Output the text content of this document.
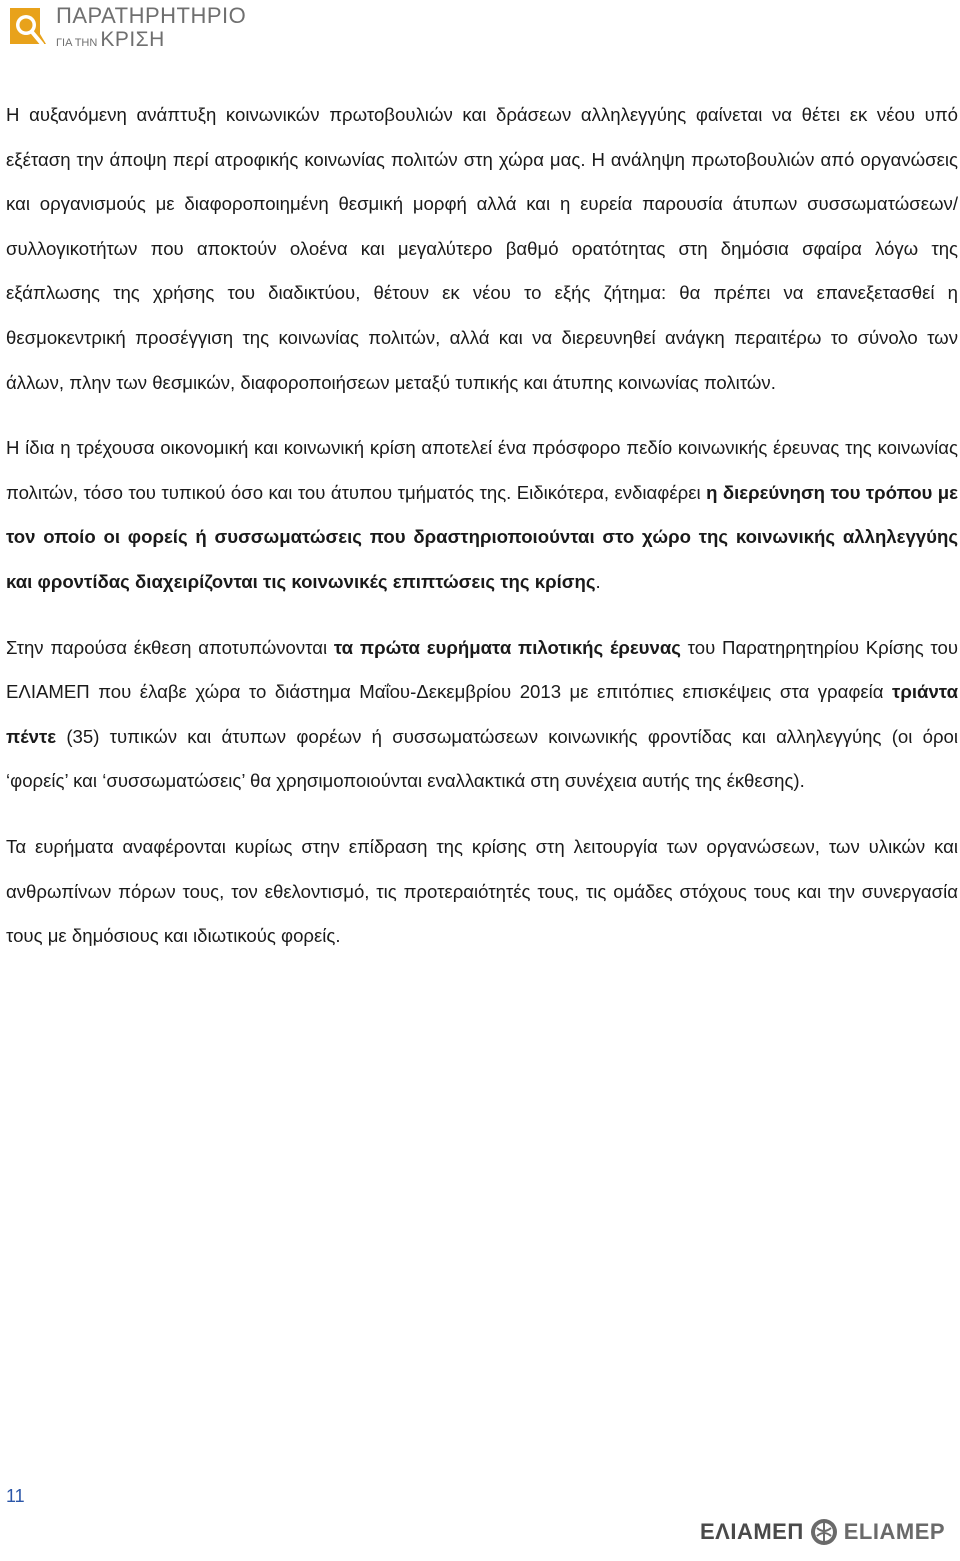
ΠΑΡΑΤΗΡΗΤΗΡΙΟ
ΓΙΑ ΤΗΝ ΚΡΙΣΗ

Η αυξανόμενη ανάπτυξη κοινωνικών πρωτοβουλιών και δράσεων αλληλεγγύης φαίνεται να θέτει εκ νέου υπό εξέταση την άποψη περί ατροφικής κοινωνίας πολιτών στη χώρα μας. Η ανάληψη πρωτοβουλιών από οργανώσεις και οργανισμούς με διαφοροποιημένη θεσμική μορφή αλλά και η ευρεία παρουσία άτυπων συσσωματώσεων/συλλογικοτήτων που αποκτούν ολοένα και μεγαλύτερο βαθμό ορατότητας στη δημόσια σφαίρα λόγω της εξάπλωσης της χρήσης του διαδικτύου, θέτουν εκ νέου το εξής ζήτημα: θα πρέπει να επανεξετασθεί η θεσμοκεντρική προσέγγιση της κοινωνίας πολιτών, αλλά και να διερευνηθεί ανάγκη περαιτέρω το σύνολο των άλλων, πλην των θεσμικών, διαφοροποιήσεων μεταξύ τυπικής και άτυπης κοινωνίας πολιτών.

Η ίδια η τρέχουσα οικονομική και κοινωνική κρίση αποτελεί ένα πρόσφορο πεδίο κοινωνικής έρευνας της κοινωνίας πολιτών, τόσο του τυπικού όσο και του άτυπου τμήματός της. Ειδικότερα, ενδιαφέρει η διερεύνηση του τρόπου με τον οποίο οι φορείς ή συσσωματώσεις που δραστηριοποιούνται στο χώρο της κοινωνικής αλληλεγγύης και φροντίδας διαχειρίζονται τις κοινωνικές επιπτώσεις της κρίσης.

Στην παρούσα έκθεση αποτυπώνονται τα πρώτα ευρήματα πιλοτικής έρευνας του Παρατηρητηρίου Κρίσης του ΕΛΙΑΜΕΠ που έλαβε χώρα το διάστημα Μαΐου-Δεκεμβρίου 2013 με επιτόπιες επισκέψεις στα γραφεία τριάντα πέντε (35) τυπικών και άτυπων φορέων ή συσσωματώσεων κοινωνικής φροντίδας και αλληλεγγύης (οι όροι ‘φορείς’ και ‘συσσωματώσεις’ θα χρησιμοποιούνται εναλλακτικά στη συνέχεια αυτής της έκθεσης).

Τα ευρήματα αναφέρονται κυρίως στην επίδραση της κρίσης στη λειτουργία των οργανώσεων, των υλικών και ανθρωπίνων πόρων τους, τον εθελοντισμό, τις προτεραιότητές τους, τις ομάδες στόχους τους και την συνεργασία τους με δημόσιους και ιδιωτικούς φορείς.

11
ΕΛΙΑΜΕΠ ELIAMEP
